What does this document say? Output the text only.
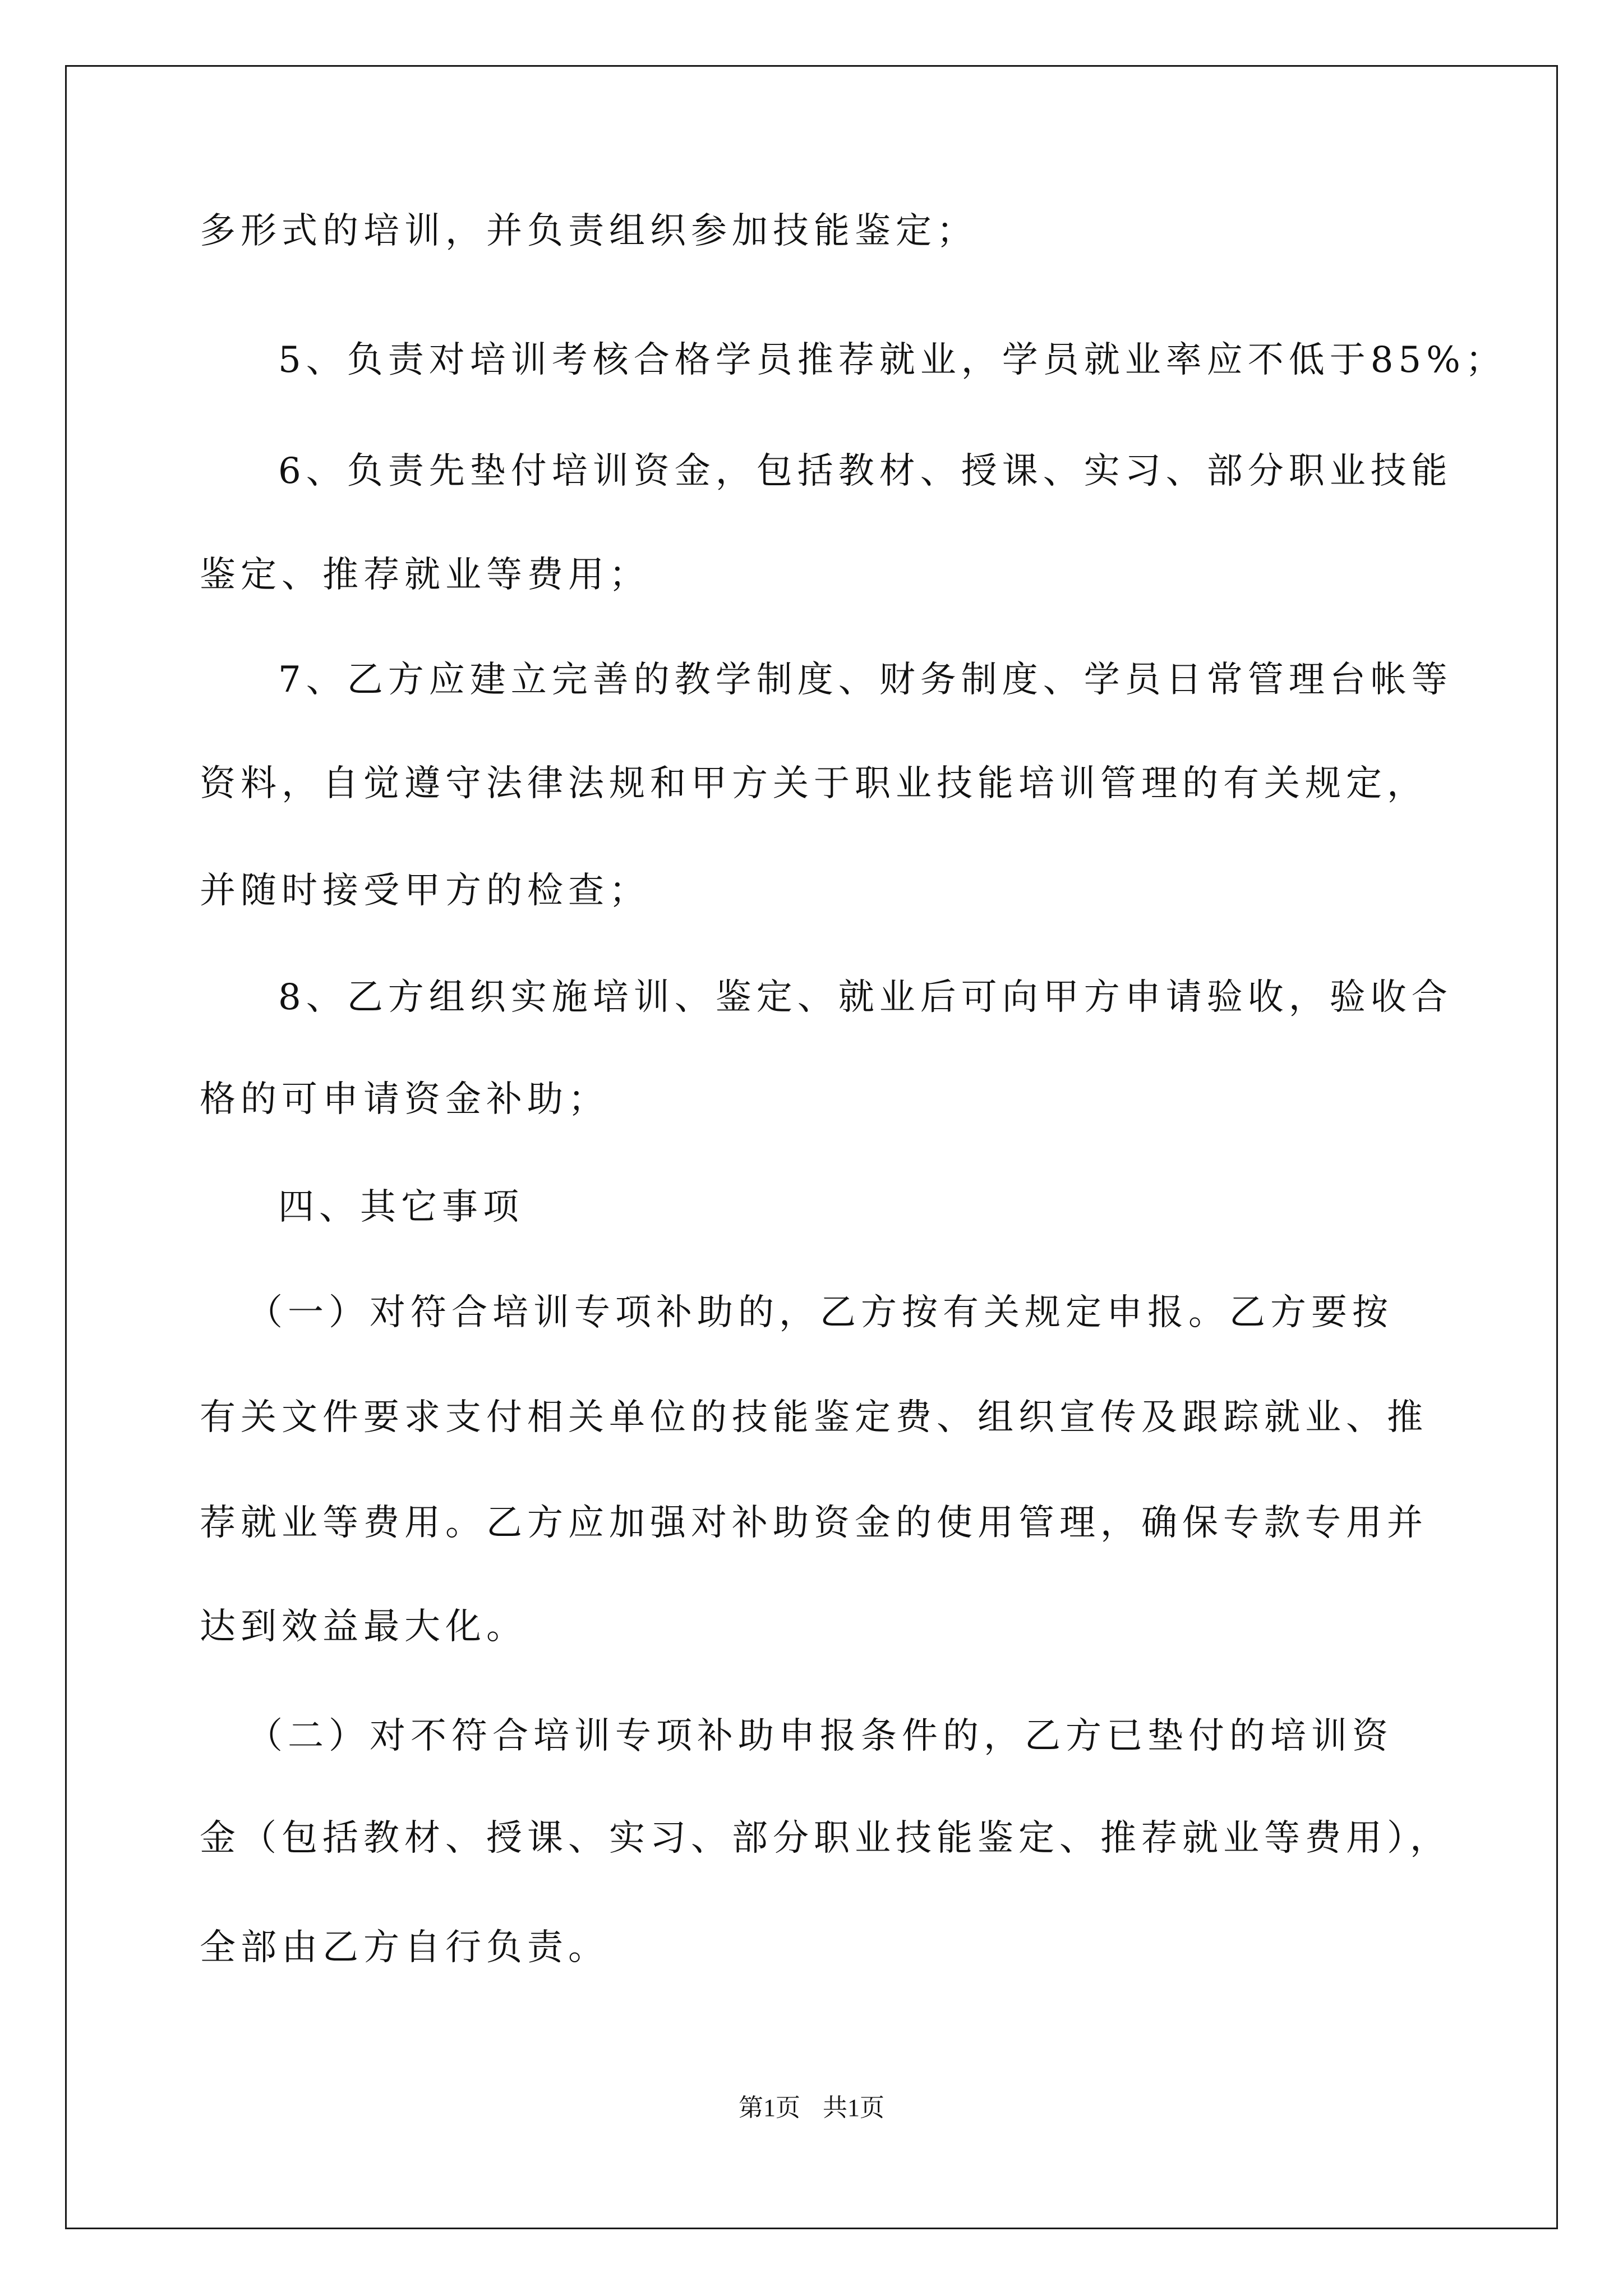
多形式的培训，并负责组织参加技能鉴定；
5、负责对培训考核合格学员推荐就业，学员就业率应不低于85%；
6、负责先垫付培训资金，包括教材、授课、实习、部分职业技能
鉴定、推荐就业等费用；
7、乙方应建立完善的教学制度、财务制度、学员日常管理台帐等
资料，自觉遵守法律法规和甲方关于职业技能培训管理的有关规定，
并随时接受甲方的检查；
8、乙方组织实施培训、鉴定、就业后可向甲方申请验收，验收合
格的可申请资金补助；
四、其它事项
（一）对符合培训专项补助的，乙方按有关规定申报。乙方要按
有关文件要求支付相关单位的技能鉴定费、组织宣传及跟踪就业、推
荐就业等费用。乙方应加强对补助资金的使用管理，确保专款专用并
达到效益最大化。
（二）对不符合培训专项补助申报条件的，乙方已垫付的培训资
金（包括教材、授课、实习、部分职业技能鉴定、推荐就业等费用），
全部由乙方自行负责。
第1页 共1页
